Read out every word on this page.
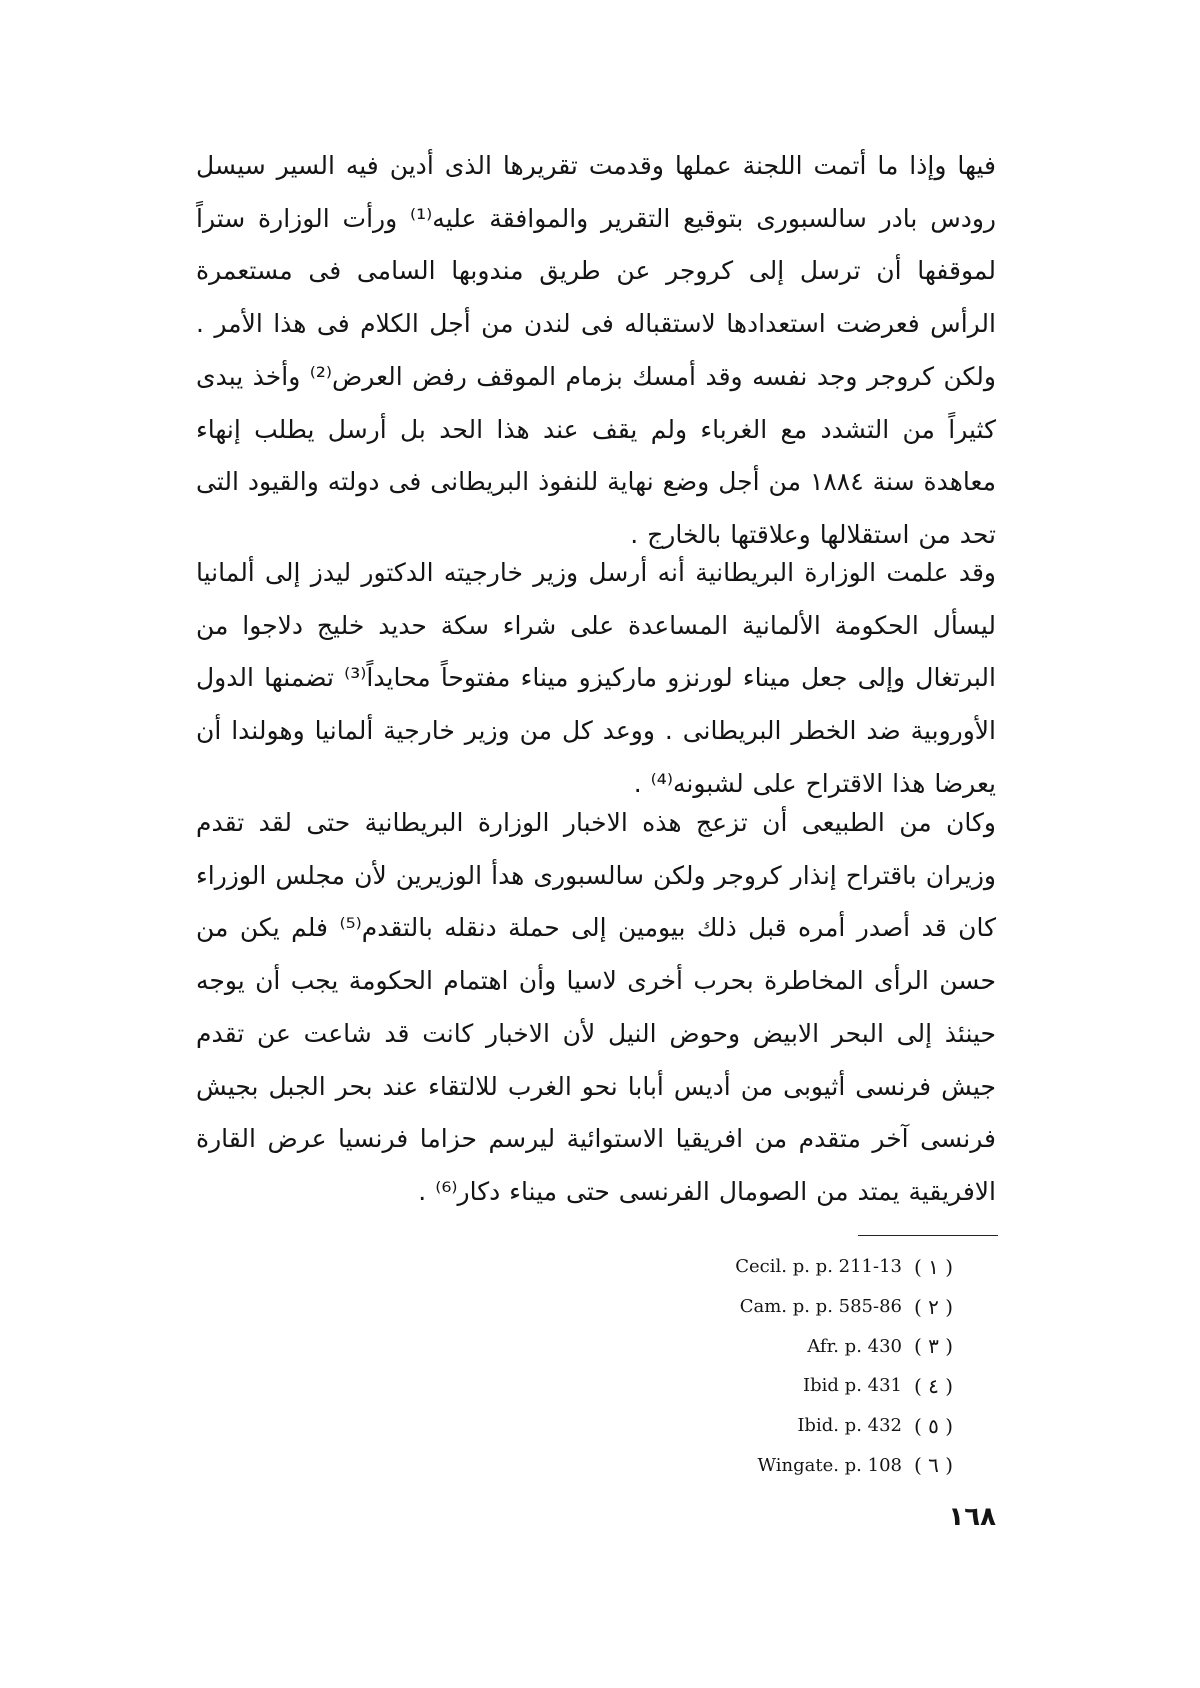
فيها وإذا ما أتمت اللجنة عملها وقدمت تقريرها الذى أدين فيه السير سيسل رودس بادر سالسبورى بتوقيع التقرير والموافقة عليه⁽¹⁾ ورأت الوزارة ستراً لموقفها أن ترسل إلى كروجر عن طريق مندوبها السامى فى مستعمرة الرأس فعرضت استعدادها لاستقباله فى لندن من أجل الكلام فى هذا الأمر . ولكن كروجر وجد نفسه وقد أمسك بزمام الموقف رفض العرض⁽²⁾ وأخذ يبدى كثيراً من التشدد مع الغرباء ولم يقف عند هذا الحد بل أرسل يطلب إنهاء معاهدة سنة ١٨٨٤ من أجل وضع نهاية للنفوذ البريطانى فى دولته والقيود التى تحد من استقلالها وعلاقتها بالخارج .

وقد علمت الوزارة البريطانية أنه أرسل وزير خارجيته الدكتور ليدز إلى ألمانيا ليسأل الحكومة الألمانية المساعدة على شراء سكة حديد خليج دلاجوا من البرتغال وإلى جعل ميناء لورنزو ماركيزو ميناء مفتوحاً محايداً⁽³⁾ تضمنها الدول الأوروبية ضد الخطر البريطانى . ووعد كل من وزير خارجية ألمانيا وهولندا أن يعرضا هذا الاقتراح على لشبونه⁽⁴⁾ .

وكان من الطبيعى أن تزعج هذه الاخبار الوزارة البريطانية حتى لقد تقدم وزيران باقتراح إنذار كروجر ولكن سالسبورى هدأ الوزيرين لأن مجلس الوزراء كان قد أصدر أمره قبل ذلك بيومين إلى حملة دنقله بالتقدم⁽⁵⁾ فلم يكن من حسن الرأى المخاطرة بحرب أخرى لاسيا وأن اهتمام الحكومة يجب أن يوجه حينئذ إلى البحر الابيض وحوض النيل لأن الاخبار كانت قد شاعت عن تقدم جيش فرنسى أثيوبى من أديس أبابا نحو الغرب للالتقاء عند بحر الجبل بجيش فرنسى آخر متقدم من افريقيا الاستوائية ليرسم حزاما فرنسيا عرض القارة الافريقية يمتد من الصومال الفرنسى حتى ميناء دكار⁽⁶⁾ .

Cecil. p. p. 211-13 ( ١ )
Cam. p. p. 585-86 ( ٢ )
Afr. p. 430 ( ٣ )
Ibid p. 431 ( ٤ )
Ibid. p. 432 ( ٥ )
Wingate. p. 108 ( ٦ )
١٦٨
